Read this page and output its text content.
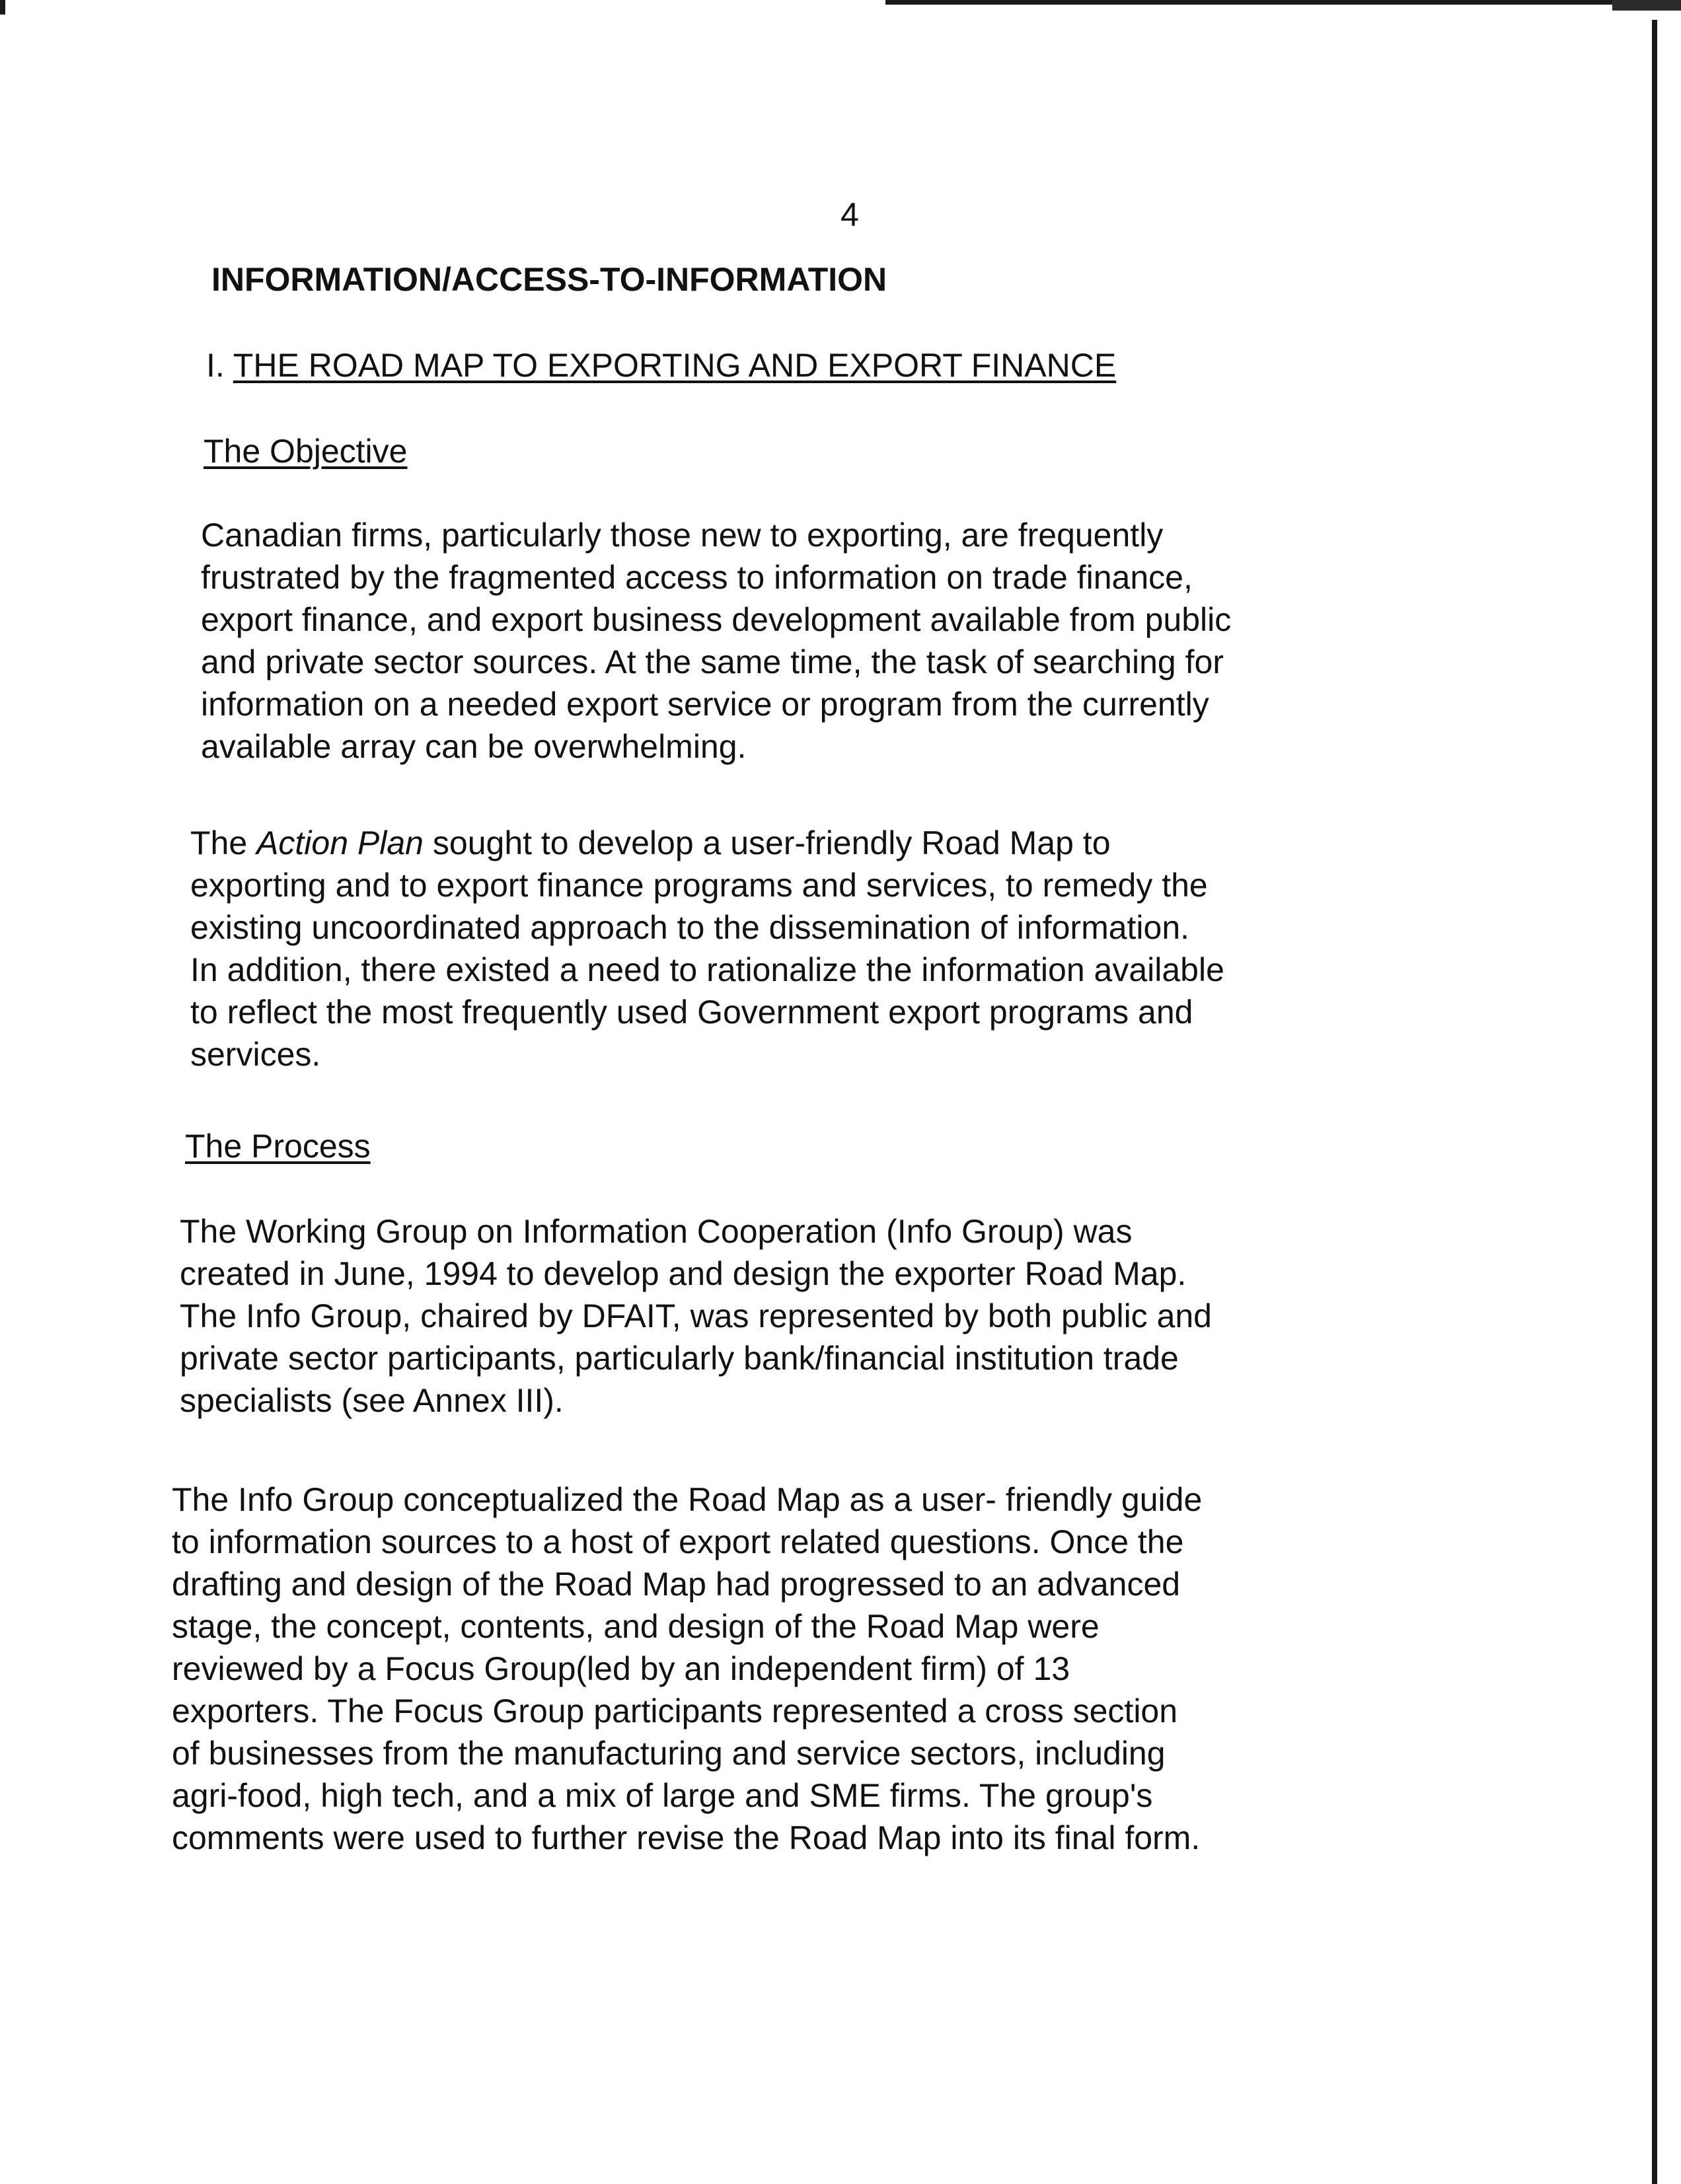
4
INFORMATION/ACCESS-TO-INFORMATION
I. THE ROAD MAP TO EXPORTING AND EXPORT FINANCE
The Objective
Canadian firms, particularly those new to exporting, are frequently
frustrated by the fragmented access to information on trade finance,
export finance, and export business development available from public
and private sector sources. At the same time, the task of searching for
information on a needed export service or program from the currently
available array can be overwhelming.
The Action Plan sought to develop a user-friendly Road Map to
exporting and to export finance programs and services, to remedy the
existing uncoordinated approach to the dissemination of information.
In addition, there existed a need to rationalize the information available
to reflect the most frequently used Government export programs and
services.
The Process
The Working Group on Information Cooperation (Info Group) was
created in June, 1994 to develop and design the exporter Road Map.
The Info Group, chaired by DFAIT, was represented by both public and
private sector participants, particularly bank/financial institution trade
specialists (see Annex III).
The Info Group conceptualized the Road Map as a user- friendly guide
to information sources to a host of export related questions. Once the
drafting and design of the Road Map had progressed to an advanced
stage, the concept, contents, and design of the Road Map were
reviewed by a Focus Group(led by an independent firm) of 13
exporters. The Focus Group participants represented a cross section
of businesses from the manufacturing and service sectors, including
agri-food, high tech, and a mix of large and SME firms. The group's
comments were used to further revise the Road Map into its final form.
